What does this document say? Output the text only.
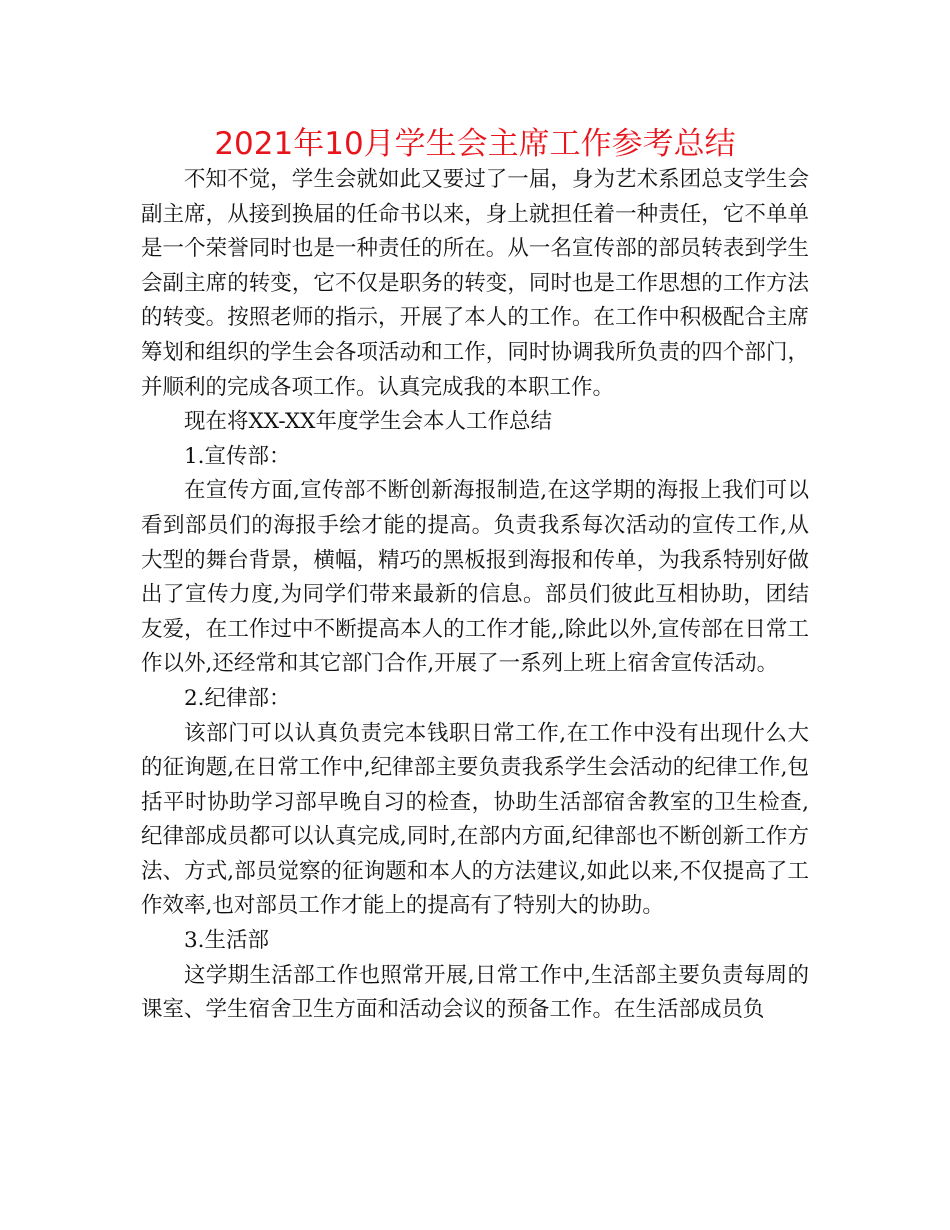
2021年10月学生会主席工作参考总结

不知不觉，学生会就如此又要过了一届，身为艺术系团总支学生会副主席，从接到换届的任命书以来，身上就担任着一种责任，它不单单是一个荣誉同时也是一种责任的所在。从一名宣传部的部员转表到学生会副主席的转变，它不仅是职务的转变，同时也是工作思想的工作方法的转变。按照老师的指示，开展了本人的工作。在工作中积极配合主席筹划和组织的学生会各项活动和工作，同时协调我所负责的四个部门，并顺利的完成各项工作。认真完成我的本职工作。

现在将XX-XX年度学生会本人工作总结

1.宣传部：

在宣传方面,宣传部不断创新海报制造,在这学期的海报上我们可以看到部员们的海报手绘才能的提高。负责我系每次活动的宣传工作,从大型的舞台背景，横幅，精巧的黑板报到海报和传单，为我系特别好做出了宣传力度,为同学们带来最新的信息。部员们彼此互相协助，团结友爱，在工作过中不断提高本人的工作才能,,除此以外,宣传部在日常工作以外,还经常和其它部门合作,开展了一系列上班上宿舍宣传活动。

2.纪律部：

该部门可以认真负责完本钱职日常工作,在工作中没有出现什么大的征询题,在日常工作中,纪律部主要负责我系学生会活动的纪律工作,包括平时协助学习部早晚自习的检查，协助生活部宿舍教室的卫生检查,纪律部成员都可以认真完成,同时,在部内方面,纪律部也不断创新工作方法、方式,部员觉察的征询题和本人的方法建议,如此以来,不仅提高了工作效率,也对部员工作才能上的提高有了特别大的协助。

3.生活部

这学期生活部工作也照常开展,日常工作中,生活部主要负责每周的课室、学生宿舍卫生方面和活动会议的预备工作。在生活部成员负
